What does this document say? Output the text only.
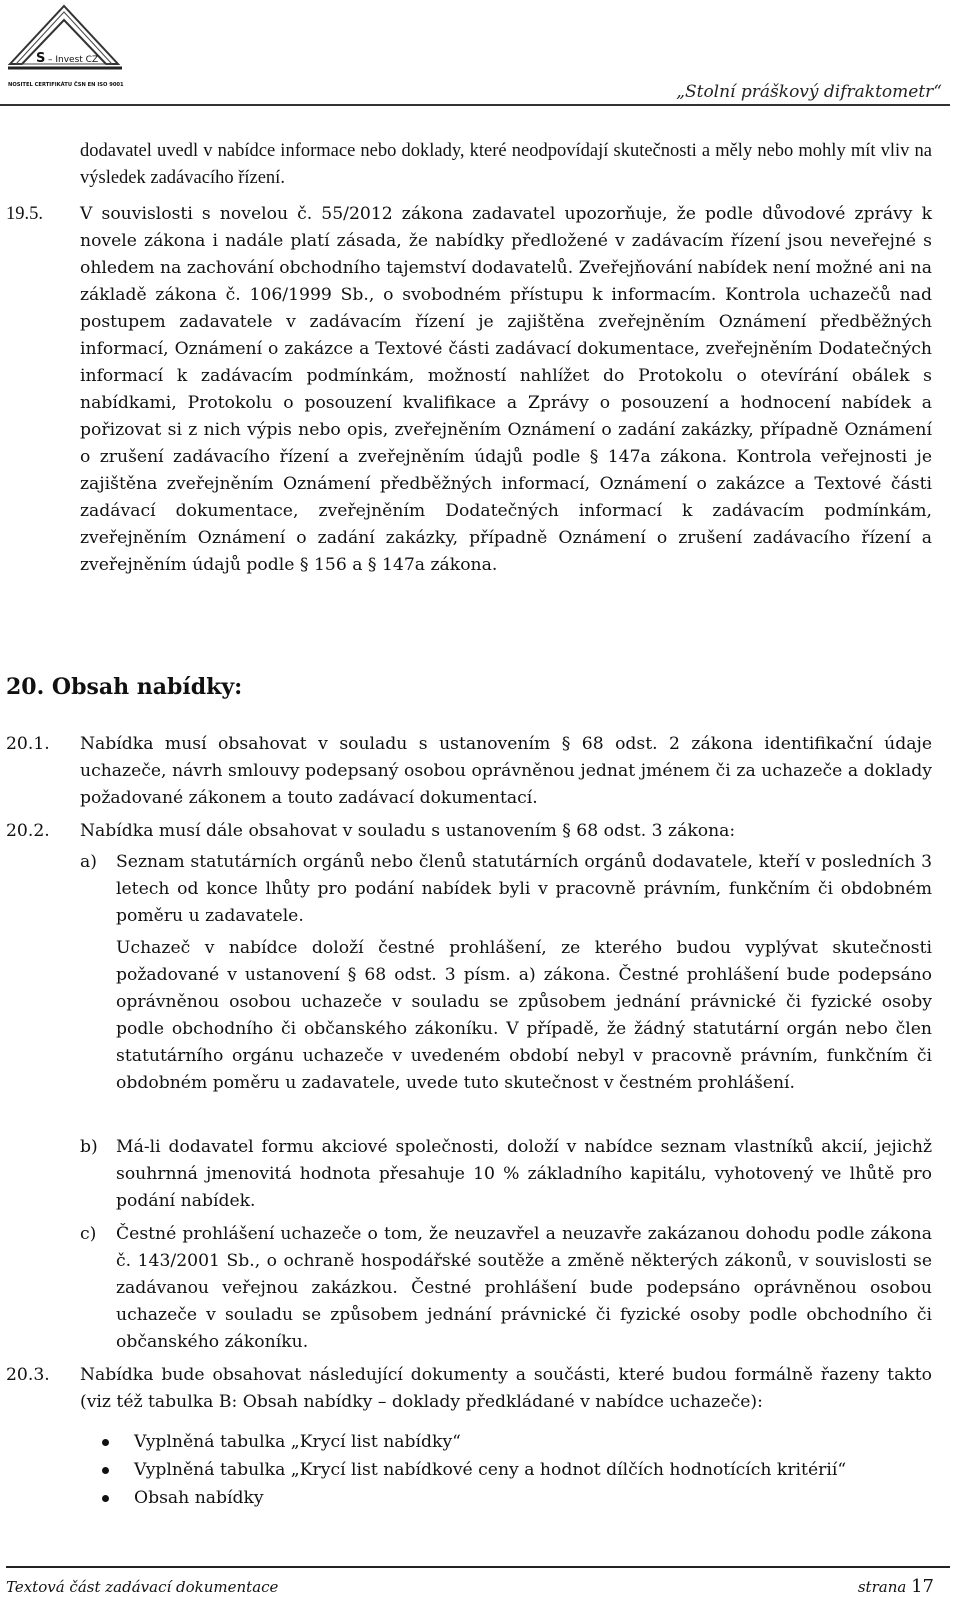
S – Invest CZ
NOSITEL CERTIFIKÁTU ČSN EN ISO 9001	„Stolní práškový difraktometr“
dodavatel uvedl v nabídce informace nebo doklady, které neodpovídají skutečnosti a měly nebo mohly mít vliv na výsledek zadávacího řízení.
19.5. V souvislosti s novelou č. 55/2012 zákona zadavatel upozorňuje, že podle důvodové zprávy k novele zákona i nadále platí zásada, že nabídky předložené v zadávacím řízení jsou neveřejné s ohledem na zachování obchodního tajemství dodavatelů. Zveřejňování nabídek není možné ani na základě zákona č. 106/1999 Sb., o svobodném přístupu k informacím. Kontrola uchazečů nad postupem zadavatele v zadávacím řízení je zajištěna zveřejněním Oznámení předběžných informací, Oznámení o zakázce a Textové části zadávací dokumentace, zveřejněním Dodatečných informací k zadávacím podmínkám, možností nahlížet do Protokolu o otevírání obálek s nabídkami, Protokolu o posouzení kvalifikace a Zprávy o posouzení a hodnocení nabídek a pořizovat si z nich výpis nebo opis, zveřejněním Oznámení o zadání zakázky, případně Oznámení o zrušení zadávacího řízení a zveřejněním údajů podle § 147a zákona. Kontrola veřejnosti je zajištěna zveřejněním Oznámení předběžných informací, Oznámení o zakázce a Textové části zadávací dokumentace, zveřejněním Dodatečných informací k zadávacím podmínkám, zveřejněním Oznámení o zadání zakázky, případně Oznámení o zrušení zadávacího řízení a zveřejněním údajů podle § 156 a § 147a zákona.
20. Obsah nabídky:
20.1. Nabídka musí obsahovat v souladu s ustanovením § 68 odst. 2 zákona identifikační údaje uchazeče, návrh smlouvy podepsaný osobou oprávněnou jednat jménem či za uchazeče a doklady požadované zákonem a touto zadávací dokumentací.
20.2. Nabídka musí dále obsahovat v souladu s ustanovením § 68 odst. 3 zákona:
a) Seznam statutárních orgánů nebo členů statutárních orgánů dodavatele, kteří v posledních 3 letech od konce lhůty pro podání nabídek byli v pracovně právním, funkčním či obdobném poměru u zadavatele.
Uchazeč v nabídce doloží čestné prohlášení, ze kterého budou vyplývat skutečnosti požadované v ustanovení § 68 odst. 3 písm. a) zákona. Čestné prohlášení bude podepsáno oprávněnou osobou uchazeče v souladu se způsobem jednání právnické či fyzické osoby podle obchodního či občanského zákoníku. V případě, že žádný statutární orgán nebo člen statutárního orgánu uchazeče v uvedeném období nebyl v pracovně právním, funkčním či obdobném poměru u zadavatele, uvede tuto skutečnost v čestném prohlášení.
b) Má-li dodavatel formu akciové společnosti, doloží v nabídce seznam vlastníků akcií, jejichž souhrnná jmenovitá hodnota přesahuje 10 % základního kapitálu, vyhotovený ve lhůtě pro podání nabídek.
c) Čestné prohlášení uchazeče o tom, že neuzavřel a neuzavře zakázanou dohodu podle zákona č. 143/2001 Sb., o ochraně hospodářské soutěže a změně některých zákonů, v souvislosti se zadávanou veřejnou zakázkou. Čestné prohlášení bude podepsáno oprávněnou osobou uchazeče v souladu se způsobem jednání právnické či fyzické osoby podle obchodního či občanského zákoníku.
20.3. Nabídka bude obsahovat následující dokumenty a součásti, které budou formálně řazeny takto (viz též tabulka B: Obsah nabídky – doklady předkládané v nabídce uchazeče):
Vyplněná tabulka „Krycí list nabídky“
Vyplněná tabulka „Krycí list nabídkové ceny a hodnot dílčích hodnotících kritérií“
Obsah nabídky
Textová část zadávací dokumentace	strana 17
